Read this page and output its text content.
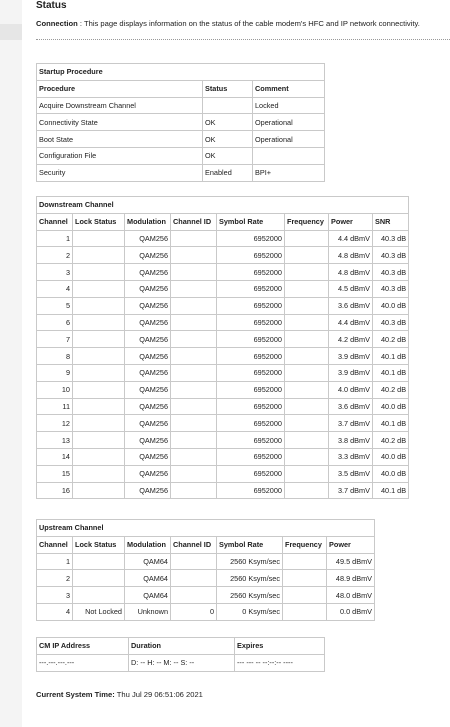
Status
Connection : This page displays information on the status of the cable modem's HFC and IP network connectivity.
Startup Procedure		
Procedure	Status	Comment
Acquire Downstream Channel		Locked
Connectivity State	OK	Operational
Boot State	OK	Operational
Configuration File	OK	
Security	Enabled	BPI+
Downstream Channel							
Channel	Lock Status	Modulation	Channel ID	Symbol Rate	Frequency	Power	SNR
1		QAM256		6952000		4.4 dBmV	40.3 dB
2		QAM256		6952000		4.8 dBmV	40.3 dB
3		QAM256		6952000		4.8 dBmV	40.3 dB
4		QAM256		6952000		4.5 dBmV	40.3 dB
5		QAM256		6952000		3.6 dBmV	40.0 dB
6		QAM256		6952000		4.4 dBmV	40.3 dB
7		QAM256		6952000		4.2 dBmV	40.2 dB
8		QAM256		6952000		3.9 dBmV	40.1 dB
9		QAM256		6952000		3.9 dBmV	40.1 dB
10		QAM256		6952000		4.0 dBmV	40.2 dB
11		QAM256		6952000		3.6 dBmV	40.0 dB
12		QAM256		6952000		3.7 dBmV	40.1 dB
13		QAM256		6952000		3.8 dBmV	40.2 dB
14		QAM256		6952000		3.3 dBmV	40.0 dB
15		QAM256		6952000		3.5 dBmV	40.0 dB
16		QAM256		6952000		3.7 dBmV	40.1 dB
Upstream Channel						
Channel	Lock Status	Modulation	Channel ID	Symbol Rate	Frequency	Power
1		QAM64		2560 Ksym/sec		49.5 dBmV
2		QAM64		2560 Ksym/sec		48.9 dBmV
3		QAM64		2560 Ksym/sec		48.0 dBmV
4	Not Locked	Unknown	0	0 Ksym/sec		0.0 dBmV
CM IP Address	Duration	Expires
---.---.---.---	D: -- H: -- M: -- S: --	--- --- -- --:--:-- ----
Current System Time: Thu Jul 29 06:51:06 2021
